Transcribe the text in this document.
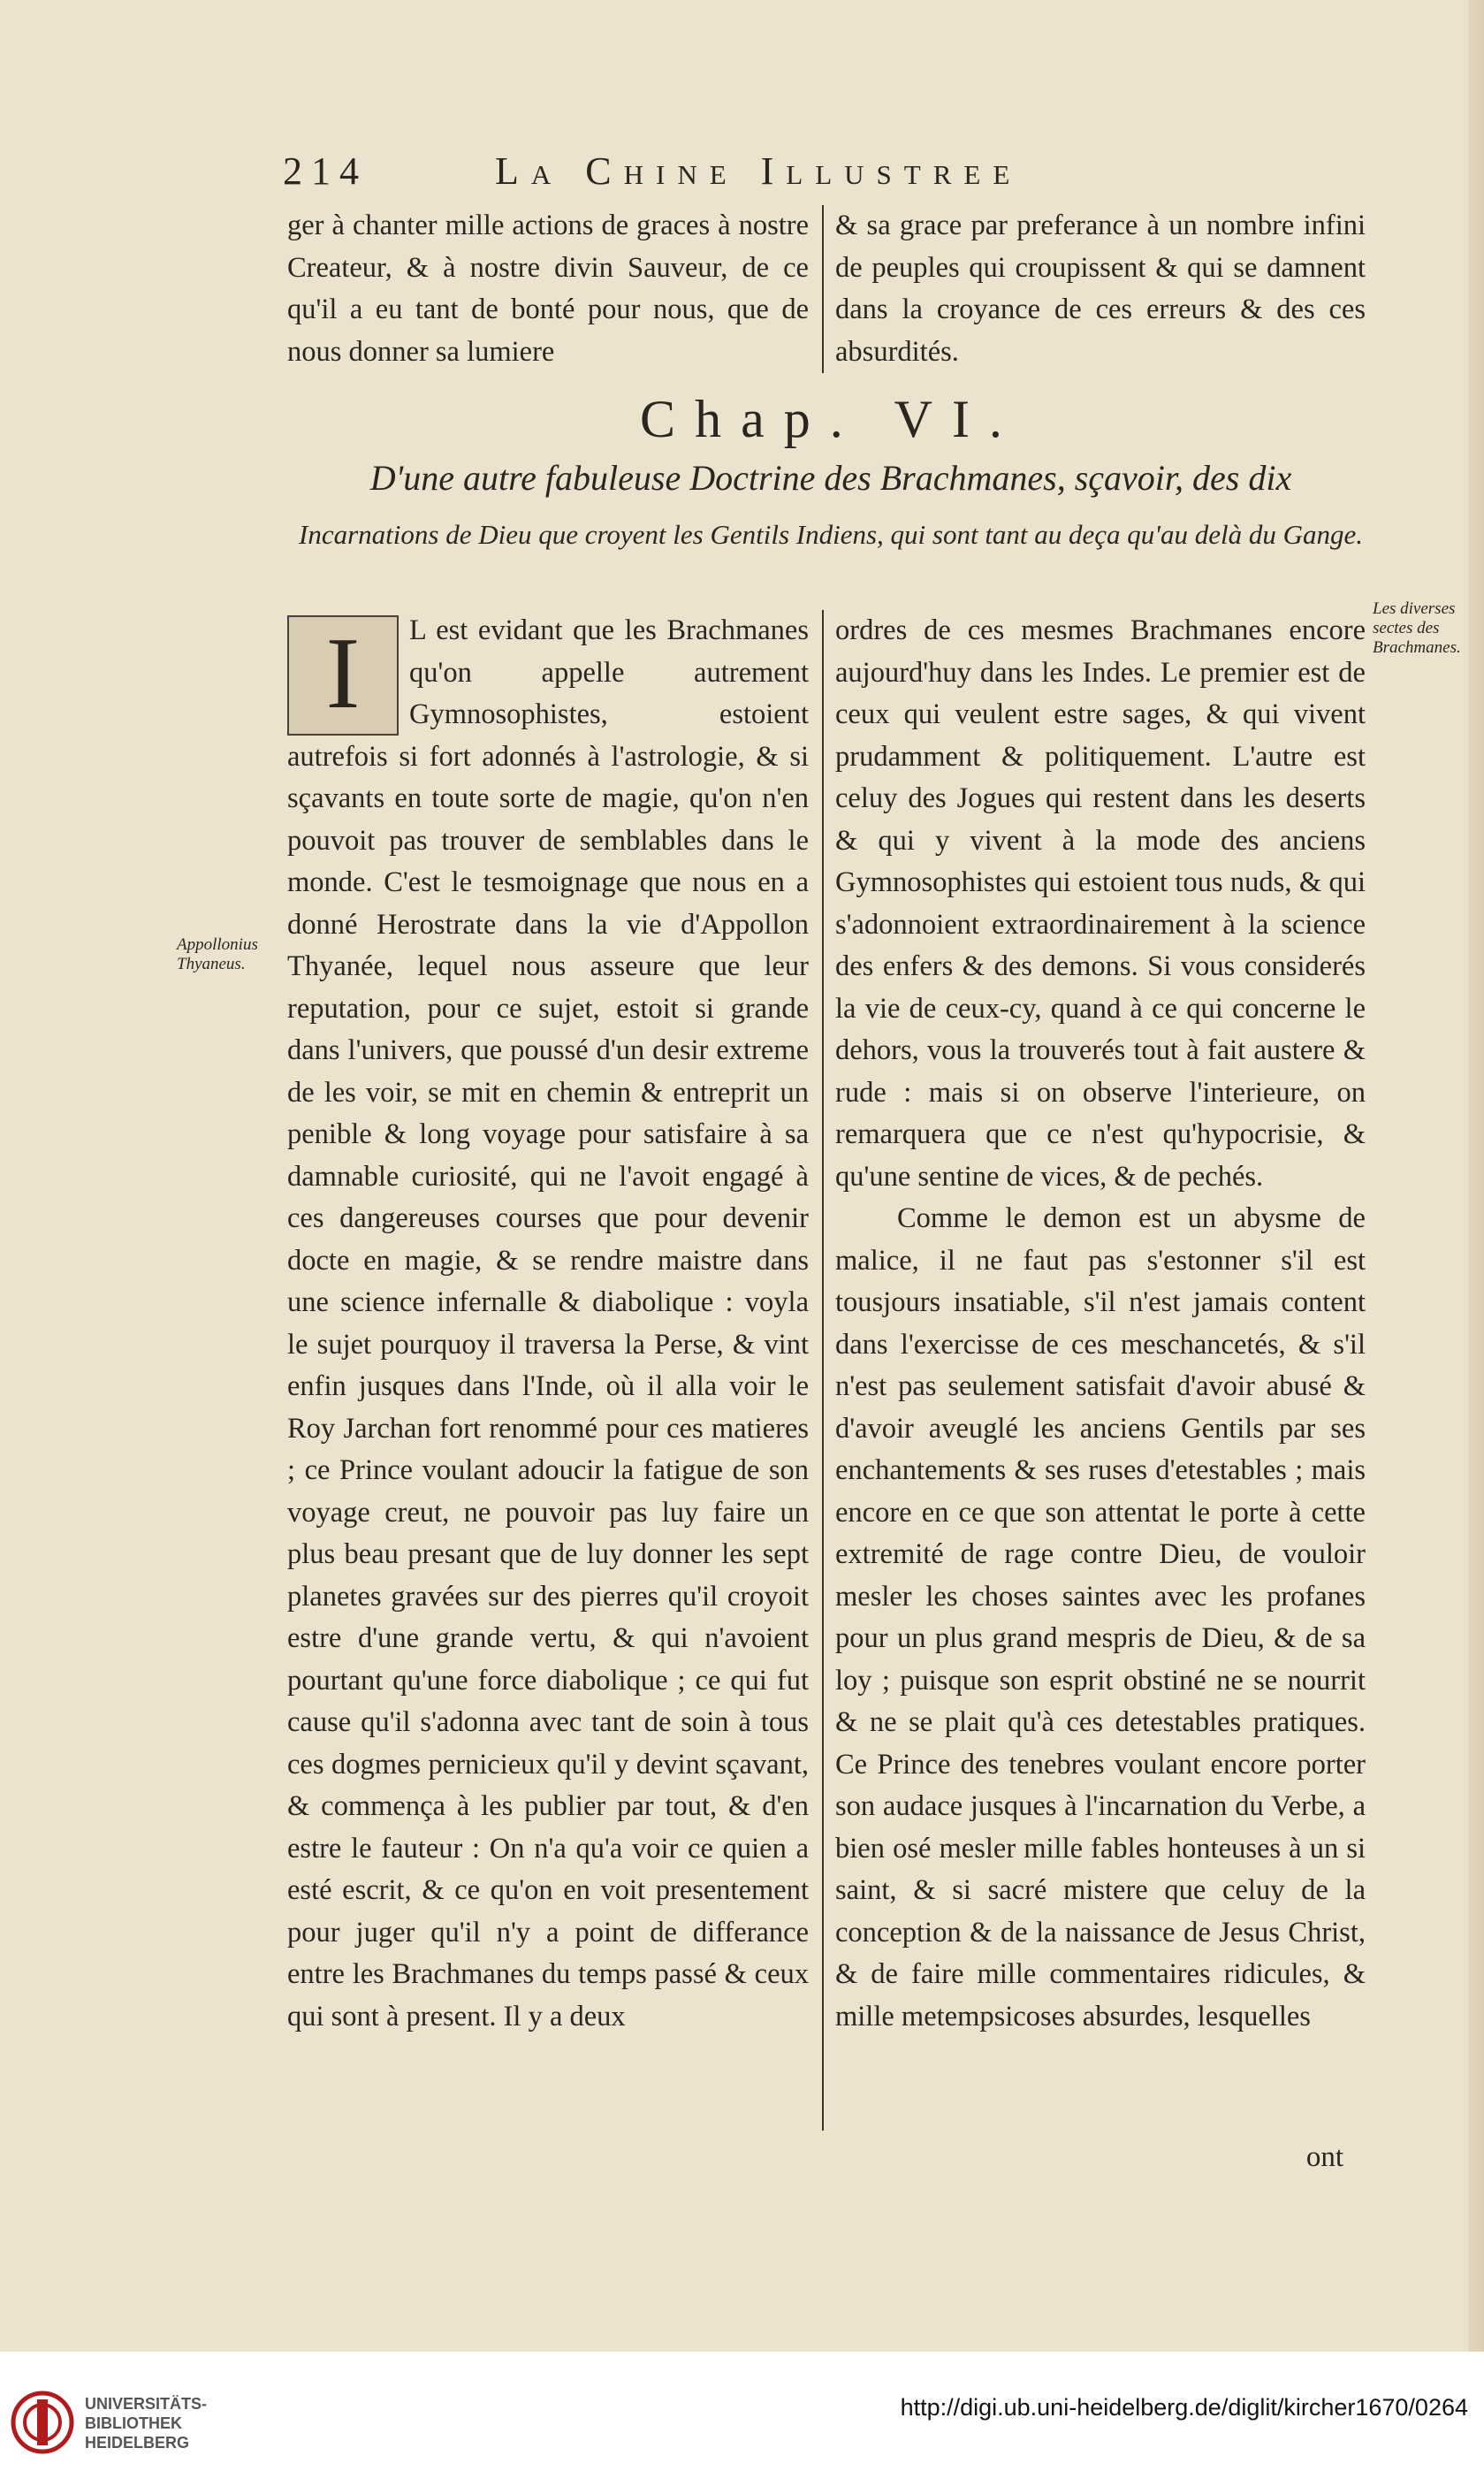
214	La Chine Illustree

ger à chanter mille actions de graces à nostre Createur, & à nostre divin Sauveur, de ce qu'il a eu tant de bonté pour nous, que de nous donner sa lumiere

& sa grace par preferance à un nombre infini de peuples qui croupissent & qui se damnent dans la croyance de ces erreurs & des ces absurdités.

Chap. VI.
D'une autre fabuleuse Doctrine des Brachmanes, sçavoir, des dix
Incarnations de Dieu que croyent les Gentils Indiens, qui sont tant au deça qu'au delà du Gange.
Appollonius Thyaneus.
Les diverses sectes des Brachmanes.
I	L est evidant que les Brachmanes qu'on appelle autrement Gymnosophistes, estoient autrefois si fort adonnés à l'astrologie, & si sçavants en toute sorte de magie, qu'on n'en pouvoit pas trouver de semblables dans le monde. C'est le tesmoignage que nous en a donné Herostrate dans la vie d'Appollon Thyanée, lequel nous asseure que leur reputation, pour ce sujet, estoit si grande dans l'univers, que poussé d'un desir extreme de les voir, se mit en chemin & entreprit un penible & long voyage pour satisfaire à sa damnable curiosité, qui ne l'avoit engagé à ces dangereuses courses que pour devenir docte en magie, & se rendre maistre dans une science infernalle & diabolique : voyla le sujet pourquoy il traversa la Perse, & vint enfin jusques dans l'Inde, où il alla voir le Roy Jarchan fort renommé pour ces matieres ; ce Prince voulant adoucir la fatigue de son voyage creut, ne pouvoir pas luy faire un plus beau presant que de luy donner les sept planetes gravées sur des pierres qu'il croyoit estre d'une grande vertu, & qui n'avoient pourtant qu'une force diabolique ; ce qui fut cause qu'il s'adonna avec tant de soin à tous ces dogmes pernicieux qu'il y devint sçavant, & commença à les publier par tout, & d'en estre le fauteur : On n'a qu'a voir ce quien a esté escrit, & ce qu'on en voit presentement pour juger qu'il n'y a point de differance entre les Brachmanes du temps passé & ceux qui sont à present. Il y a deux

ordres de ces mesmes Brachmanes encore aujourd'huy dans les Indes. Le premier est de ceux qui veulent estre sages, & qui vivent prudamment & politiquement. L'autre est celuy des Jogues qui restent dans les deserts & qui y vivent à la mode des anciens Gymnosophistes qui estoient tous nuds, & qui s'adonnoient extraordinairement à la science des enfers & des demons. Si vous considerés la vie de ceux-cy, quand à ce qui concerne le dehors, vous la trouverés tout à fait austere & rude : mais si on observe l'interieure, on remarquera que ce n'est qu'hypocrisie, & qu'une sentine de vices, & de pechés.

Comme le demon est un abysme de malice, il ne faut pas s'estonner s'il est tousjours insatiable, s'il n'est jamais content dans l'exercisse de ces meschancetés, & s'il n'est pas seulement satisfait d'avoir abusé & d'avoir aveuglé les anciens Gentils par ses enchantements & ses ruses d'etestables ; mais encore en ce que son attentat le porte à cette extremité de rage contre Dieu, de vouloir mesler les choses saintes avec les profanes pour un plus grand mespris de Dieu, & de sa loy ; puisque son esprit obstiné ne se nourrit & ne se plait qu'à ces detestables pratiques. Ce Prince des tenebres voulant encore porter son audace jusques à l'incarnation du Verbe, a bien osé mesler mille fables honteuses à un si saint, & si sacré mistere que celuy de la conception & de la naissance de Jesus Christ, & de faire mille commentaires ridicules, & mille metempsicoses absurdes, lesquelles

ont
UNIVERSITÄTS-
BIBLIOTHEK
HEIDELBERG
http://digi.ub.uni-heidelberg.de/diglit/kircher1670/0264
